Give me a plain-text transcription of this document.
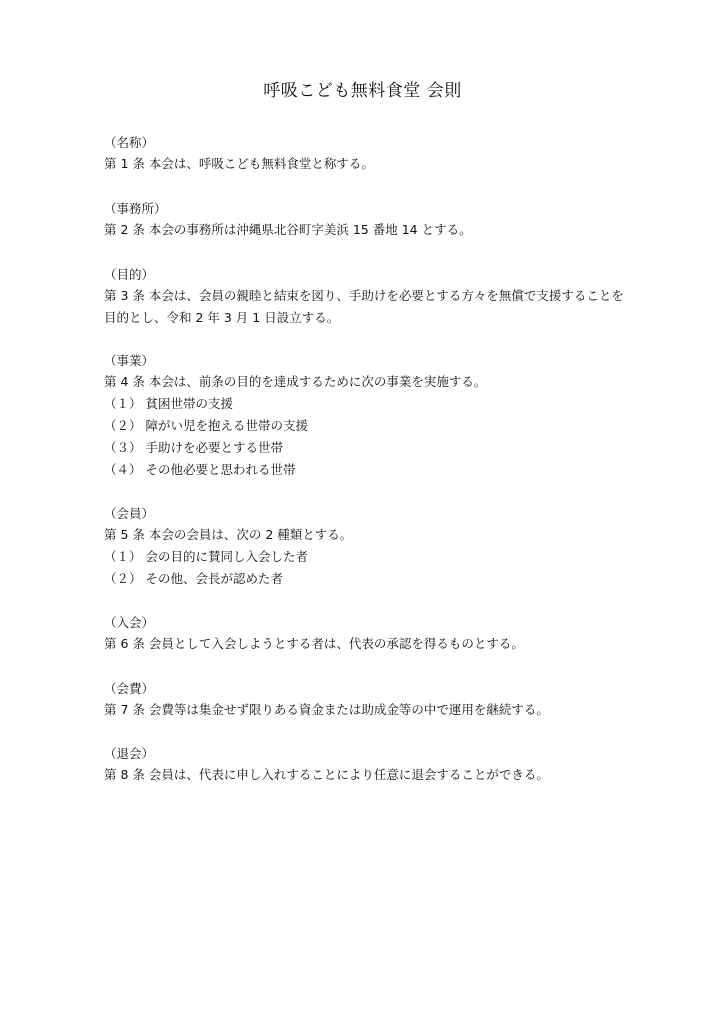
呼吸こども無料食堂 会則
（名称）
第 1 条 本会は、呼吸こども無料食堂と称する。
（事務所）
第 2 条 本会の事務所は沖縄県北谷町字美浜 15 番地 14 とする。
（目的）
第 3 条 本会は、会員の親睦と結束を図り、手助けを必要とする方々を無償で支援することを
目的とし、令和 2 年 3 月 1 日設立する。
（事業）
第 4 条 本会は、前条の目的を達成するために次の事業を実施する。
（１） 貧困世帯の支援
（２） 障がい児を抱える世帯の支援
（３） 手助けを必要とする世帯
（４） その他必要と思われる世帯
（会員）
第 5 条 本会の会員は、次の 2 種類とする。
（１） 会の目的に賛同し入会した者
（２） その他、会長が認めた者
（入会）
第 6 条 会員として入会しようとする者は、代表の承認を得るものとする。
（会費）
第 7 条 会費等は集金せず限りある資金または助成金等の中で運用を継続する。
（退会）
第 8 条 会員は、代表に申し入れすることにより任意に退会することができる。
